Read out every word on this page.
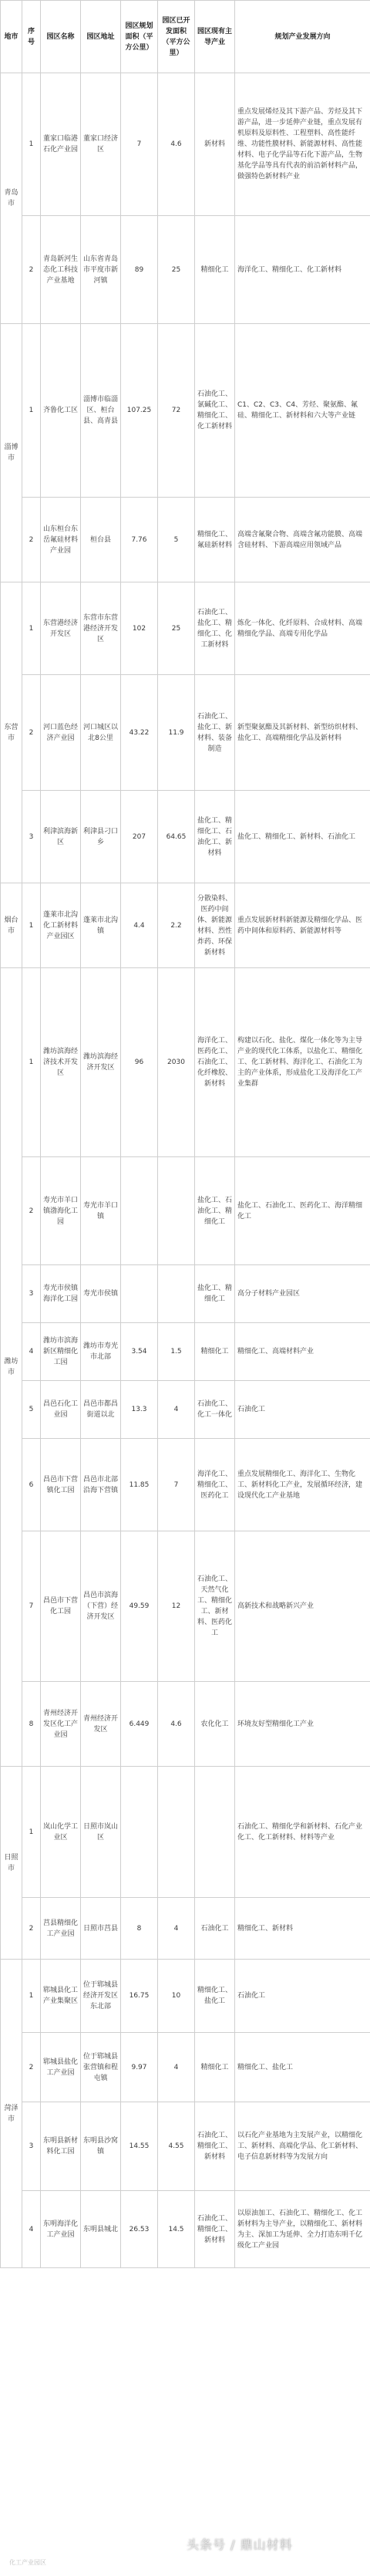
地市	序号	园区名称	园区地址	园区规划面积（平方公里）	园区已开发面积（平方公里）	园区现有主导产业	规划产业发展方向
青岛市	1	董家口临港石化产业园	董家口经济区	7	4.6	新材料	重点发展烯烃及其下游产品、芳烃及其下游产品，进一步延伸产业链，重点发展有机原料及原料性、工程塑料、高性能纤维、功能性膜材料、新能源材料、高性能材料、电子化学品等石化下游产品，生物基化学品等具有代表的前沿新材料产品，做强特色新材料产业
	2	青岛新河生态化工科技产业基地	山东省青岛市平度市新河镇	89	25	精细化工	海洋化工、精细化工、化工新材料
淄博市	1	齐鲁化工区	淄博市临淄区、桓台县、高青县	107.25	72	石油化工、氯碱化工、精细化工、化工新材料	C1、C2、C3、C4、芳烃、聚氨酯、氟硅、精细化工、新材料和六大等产业链
	2	山东桓台东岳氟硅材料产业园	桓台县	7.76	5	精细化工、氟硅新材料	高端含氟聚合物、高端含氟功能膜、高端含硅材料、下游高端应用领域产品
东营市	1	东营港经济开发区	东营市东营港经济开发区	102	25	石油化工、盐化工、精细化工、化工新材料	炼化一体化、化纤原料、合成材料、高端精细化学品、高端专用化学品
	2	河口蓝色经济产业园	河口城区以北8公里	43.22	11.9	石油化工、盐化工、新材料、装备制造	新型聚氨酯及其新材料、新型纺织材料、盐化工、高端精细化学品及新材料
	3	利津滨海新区	利津县刁口乡	207	64.65	盐化工、精细化工、石油化工、新材料	盐化工、精细化工、新材料、石油化工
烟台市	1	蓬莱市北沟化工新材料产业园区	蓬莱市北沟镇	4.4	2.2	分散染料、医药中间体、新能源材料、烈性炸药、环保新材料	重点发展新材料新能源及精细化学品、医药中间体和原料药、新能源材料等
潍坊市	1	潍坊滨海经济技术开发区	潍坊滨海经济开发区	96	2030	海洋化工、医药化工、石油化工、化纤橡胶、新材料	构建以石化、盐化、煤化一体化等为主导产业的现代化工体系，以盐化工、精细化工、化工新材料、海洋化工、石油化工为主的产业体系，形成盐化工及海洋化工产业集群
	2	寿光市羊口镇渤海化工园	寿光市羊口镇			盐化工、石油化工、精细化工	盐化工、石油化工、医药化工、海洋精细化工
	3	寿光市侯镇海洋化工园	寿光市侯镇			盐化工、精细化工	高分子材料产业园区
	4	潍坊市滨海新区精细化工园	潍坊市寿光市北部	3.54	1.5	精细化工	精细化工、高端材料产业
	5	昌邑石化工业园	昌邑市都昌街道以北	13.3	4	石油化工、化工一体化	石油化工
	6	昌邑市下营镇化工园	昌邑市北部沿海下营镇	11.85	7	海洋化工、精细化工、医药化工	重点发展精细化工、海洋化工、生物化工、新材料化工产业，发展循环经济，建设现代化工产业基地
	7	昌邑市下营化工园	昌邑市滨海（下营）经济开发区	49.59	12	石油化工、天然气化工、精细化工、新材料、医药化工	高新技术和战略新兴产业
	8	青州经济开发区化工产业园	青州经济开发区	6.449	4.6	农化化工	环境友好型精细化工产业
日照市	1	岚山化学工业区	日照市岚山区				石油化工、精细化学和新材料、石化产业化工、化工新材料、材料等产业
	2	莒县精细化工产业园	日照市莒县	8	4	石油化工	精细化工、新材料
菏泽市	1	郓城县化工产业集聚区	位于郓城县经济开发区东北部	16.75	10	精细化工、盐化工	石油化工
	2	郓城县盐化工产业园	位于郓城县张营镇和程屯镇	9.97	4	精细化工	精细化工、盐化工
	3	东明县新材料化工园	东明县沙窝镇	14.55	4.55	石油化工、精细化工、新材料	以石化产业基地为主发展产业，以精细化工、新材料、高端化学品、化工新材料、电子信息新材料等为发展方向
	4	东明海洋化工产业园	东明县城北	26.53	14.5	石油化工、精细化工、新材料	以原油加工、石油化工、精细化工、化工新材料为主导产业，以精细化工、新材料为主、深加工为延伸、全力打造东明千亿级化工产业园
头条号 / 鼎山材料
化工产业园区
